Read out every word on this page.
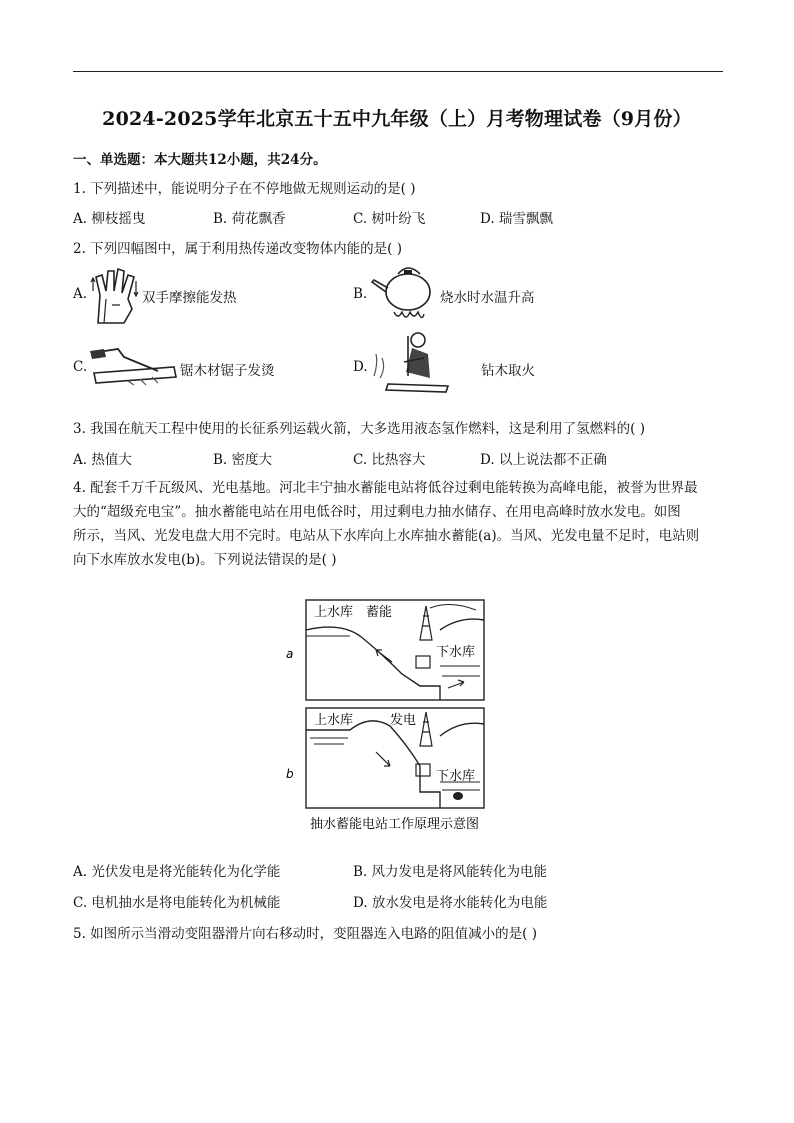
2024-2025学年北京五十五中九年级（上）月考物理试卷（9月份）
一、单选题：本大题共12小题，共24分。
1. 下列描述中，能说明分子在不停地做无规则运动的是( )
A. 柳枝摇曳	B. 荷花飘香	C. 树叶纷飞	D. 瑞雪飘飘
2. 下列四幅图中，属于利用热传递改变物体内能的是( )
A.	双手摩擦能发热	B.	烧水时水温升高
C.	锯木材锯子发烫	D.	钻木取火
3. 我国在航天工程中使用的长征系列运载火箭，大多选用液态氢作燃料，这是利用了氢燃料的( )
A. 热值大	B. 密度大	C. 比热容大	D. 以上说法都不正确
4. 配套千万千瓦级风、光电基地。河北丰宁抽水蓄能电站将低谷过剩电能转换为高峰电能，被誉为世界最
大的“超级充电宝”。抽水蓄能电站在用电低谷时，用过剩电力抽水储存、在用电高峰时放水发电。如图
所示，当风、光发电盘大用不完时。电站从下水库向上水库抽水蓄能(a)。当风、光发电量不足时，电站则
向下水库放水发电(b)。下列说法错误的是( )
a
上水库 蓄能
下水库
b
上水库	发电
下水库
抽水蓄能电站工作原理示意图
A. 光伏发电是将光能转化为化学能	B. 风力发电是将风能转化为电能
C. 电机抽水是将电能转化为机械能	D. 放水发电是将水能转化为电能
5. 如图所示当滑动变阻器滑片向右移动时，变阻器连入电路的阻值减小的是( )
